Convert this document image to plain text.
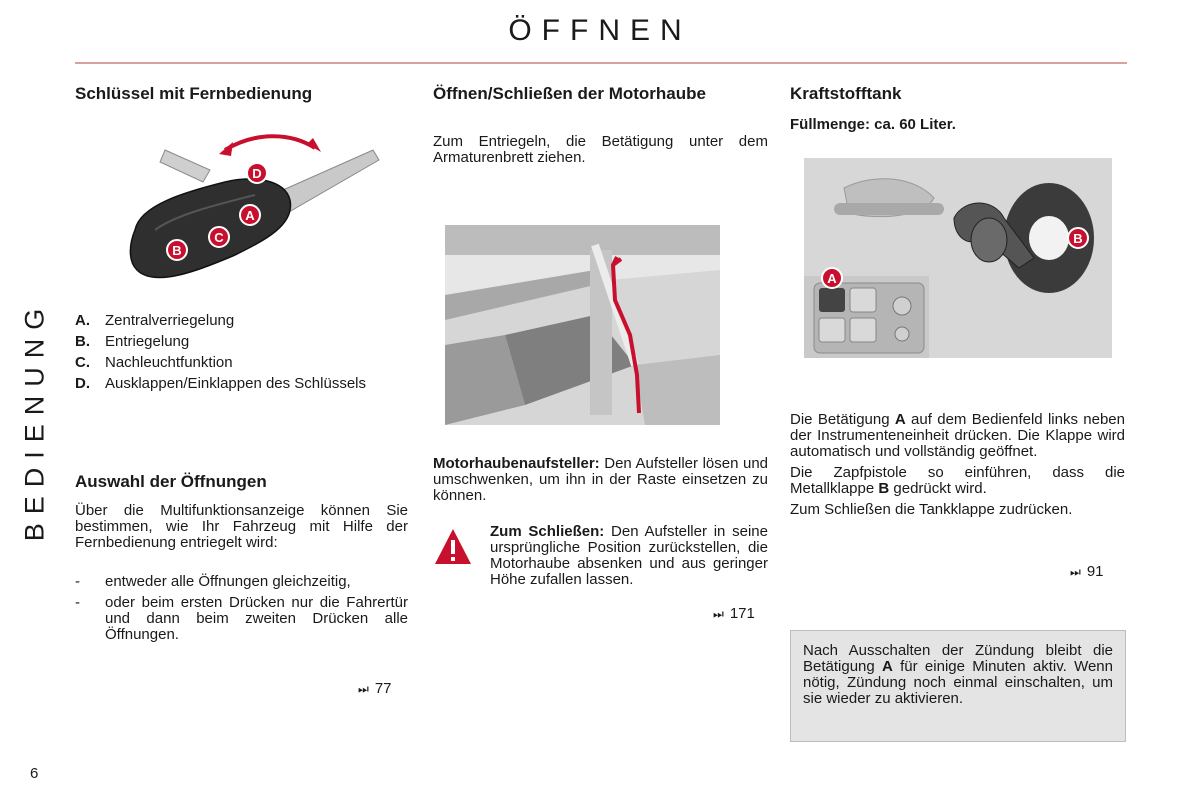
ÖFFNEN
BEDIENUNG
Schlüssel mit Fernbedienung
D
A
C
B
A. Zentralverriegelung
B. Entriegelung
C. Nachleuchtfunktion
D. Ausklappen/Einklappen des Schlüssels
Auswahl der Öffnungen
Über die Multifunktionsanzeige können Sie bestimmen, wie Ihr Fahrzeug mit Hilfe der Fernbedienung entriegelt wird:
-	entweder alle Öffnungen gleichzeitig,
-	oder beim ersten Drücken nur die Fahrertür und dann beim zweiten Drücken alle Öffnungen.
⏭ 77
Öffnen/Schließen der Motorhaube
Zum Entriegeln, die Betätigung unter dem Armaturenbrett ziehen.
Motorhaubenaufsteller: Den Aufsteller lösen und umschwenken, um ihn in der Raste einsetzen zu können.
Zum Schließen: Den Aufsteller in seine ursprüngliche Position zurückstellen, die Motorhaube absenken und aus geringer Höhe zufallen lassen.
⏭ 171
Kraftstofftank
Füllmenge: ca. 60 Liter.
A
B

Die Betätigung A auf dem Bedienfeld links neben der Instrumenteneinheit drücken. Die Klappe wird automatisch und vollständig geöffnet.

Die Zapfpistole so einführen, dass die Metallklappe B gedrückt wird.

Zum Schließen die Tankklappe zudrücken.

⏭ 91
Nach Ausschalten der Zündung bleibt die Betätigung A für einige Minuten aktiv. Wenn nötig, Zündung noch einmal einschalten, um sie wieder zu aktivieren.
6
